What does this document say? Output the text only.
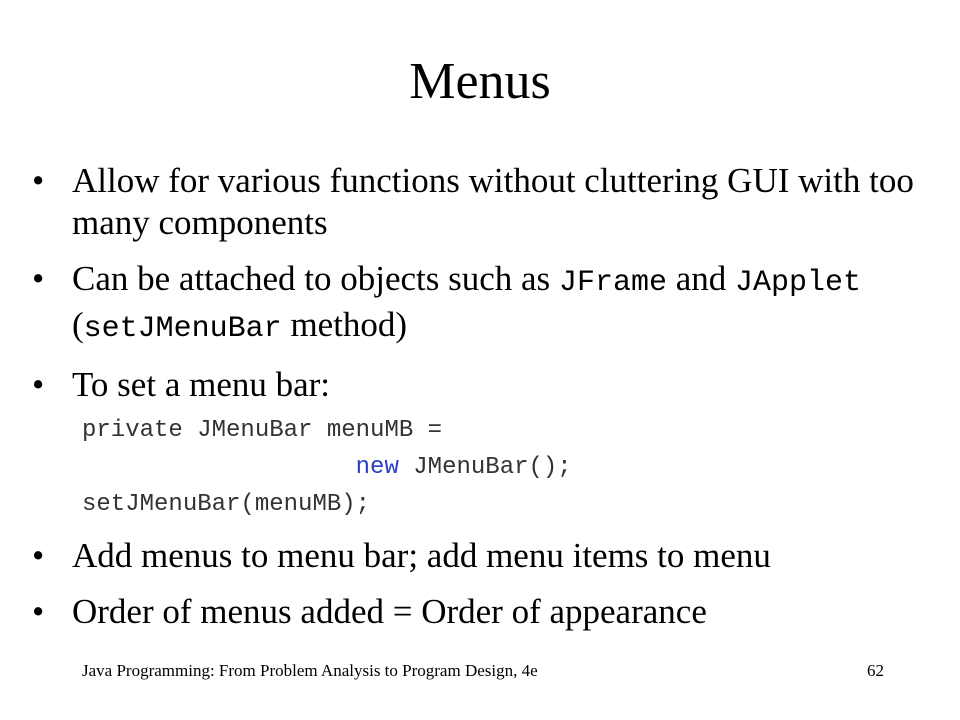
Menus
• Allow for various functions without cluttering GUI with too many components
• Can be attached to objects such as JFrame and JApplet (setJMenuBar method)
• To set a menu bar:
private JMenuBar menuMB =
new JMenuBar();
setJMenuBar(menuMB);
• Add menus to menu bar; add menu items to menu
• Order of menus added = Order of appearance
Java Programming: From Problem Analysis to Program Design, 4e	62
